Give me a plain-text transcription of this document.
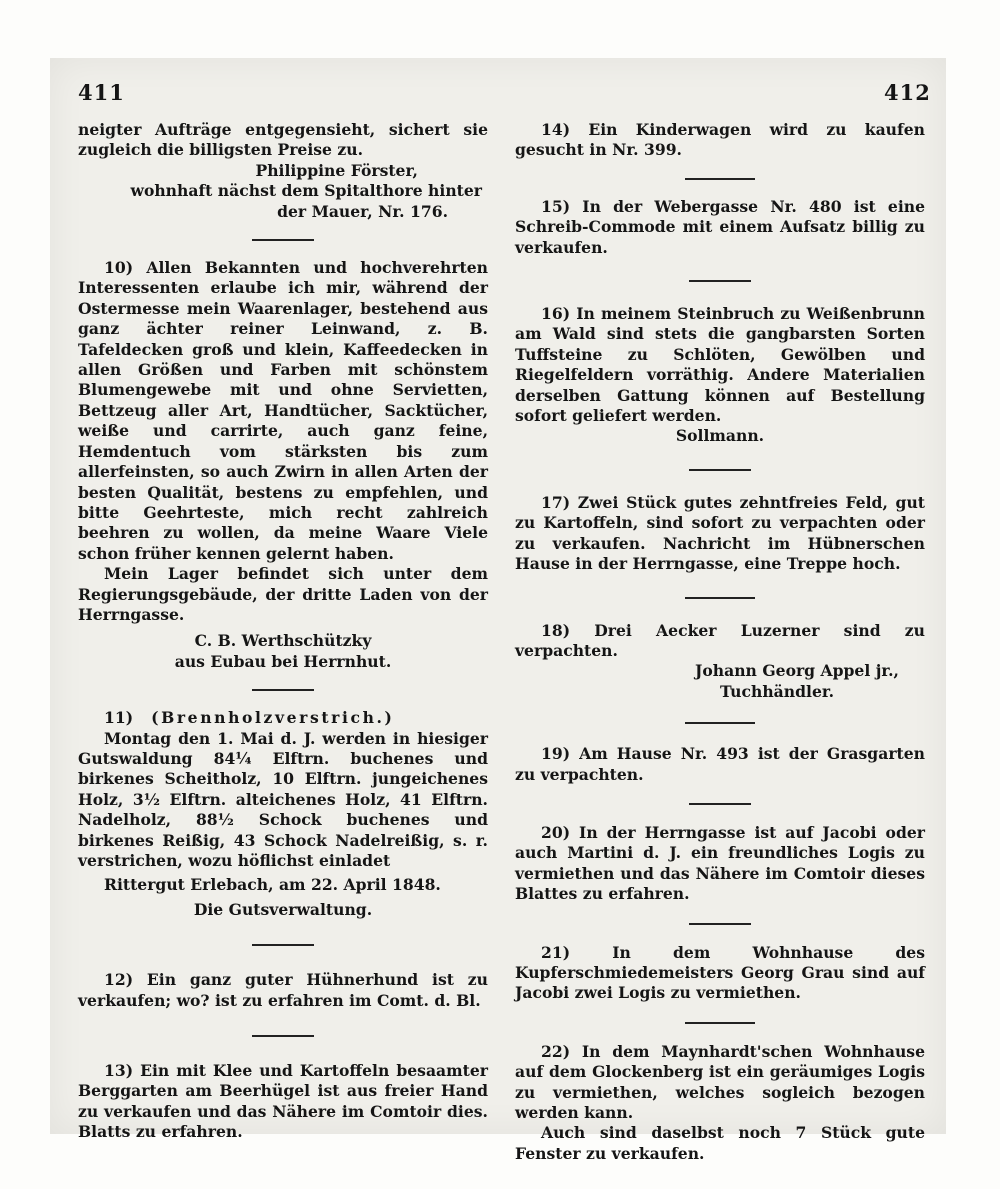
411	412

neigter Aufträge entgegensieht, sichert sie zugleich die billigsten Preise zu.

Philippine Förster,

wohnhaft nächst dem Spitalthore hinter

der Mauer, Nr. 176.

10) Allen Bekannten und hochverehrten Interessenten erlaube ich mir, während der Ostermesse mein Waarenlager, bestehend aus ganz ächter reiner Leinwand, z. B. Tafeldecken groß und klein, Kaffeedecken in allen Größen und Farben mit schönstem Blumengewebe mit und ohne Servietten, Bettzeug aller Art, Handtücher, Sacktücher, weiße und carrirte, auch ganz feine, Hemdentuch vom stärksten bis zum allerfeinsten, so auch Zwirn in allen Arten der besten Qualität, bestens zu empfehlen, und bitte Geehrteste, mich recht zahlreich beehren zu wollen, da meine Waare Viele schon früher kennen gelernt haben.

Mein Lager befindet sich unter dem Regierungsgebäude, der dritte Laden von der Herrngasse.

C. B. Werthschützky

aus Eubau bei Herrnhut.

11) (Brennholzverstrich.)

Montag den 1. Mai d. J. werden in hiesiger Gutswaldung 84¼ Elftrn. buchenes und birkenes Scheitholz, 10 Elftrn. jungeichenes Holz, 3½ Elftrn. alteichenes Holz, 41 Elftrn. Nadelholz, 88½ Schock buchenes und birkenes Reißig, 43 Schock Nadelreißig, s. r. verstrichen, wozu höflichst einladet

Rittergut Erlebach, am 22. April 1848.

Die Gutsverwaltung.

12) Ein ganz guter Hühnerhund ist zu verkaufen; wo? ist zu erfahren im Comt. d. Bl.

13) Ein mit Klee und Kartoffeln besaamter Berggarten am Beerhügel ist aus freier Hand zu verkaufen und das Nähere im Comtoir dies. Blatts zu erfahren.

14) Ein Kinderwagen wird zu kaufen gesucht in Nr. 399.

15) In der Webergasse Nr. 480 ist eine Schreib-Commode mit einem Aufsatz billig zu verkaufen.

16) In meinem Steinbruch zu Weißenbrunn am Wald sind stets die gangbarsten Sorten Tuffsteine zu Schlöten, Gewölben und Riegelfeldern vorräthig. Andere Materialien derselben Gattung können auf Bestellung sofort geliefert werden.

Sollmann.

17) Zwei Stück gutes zehntfreies Feld, gut zu Kartoffeln, sind sofort zu verpachten oder zu verkaufen. Nachricht im Hübnerschen Hause in der Herrngasse, eine Treppe hoch.

18) Drei Aecker Luzerner sind zu verpachten.

Johann Georg Appel jr.,

Tuchhändler.

19) Am Hause Nr. 493 ist der Grasgarten zu verpachten.

20) In der Herrngasse ist auf Jacobi oder auch Martini d. J. ein freundliches Logis zu vermiethen und das Nähere im Comtoir dieses Blattes zu erfahren.

21) In dem Wohnhause des Kupferschmiedemeisters Georg Grau sind auf Jacobi zwei Logis zu vermiethen.

22) In dem Maynhardt'schen Wohnhause auf dem Glockenberg ist ein geräumiges Logis zu vermiethen, welches sogleich bezogen werden kann.

Auch sind daselbst noch 7 Stück gute Fenster zu verkaufen.
